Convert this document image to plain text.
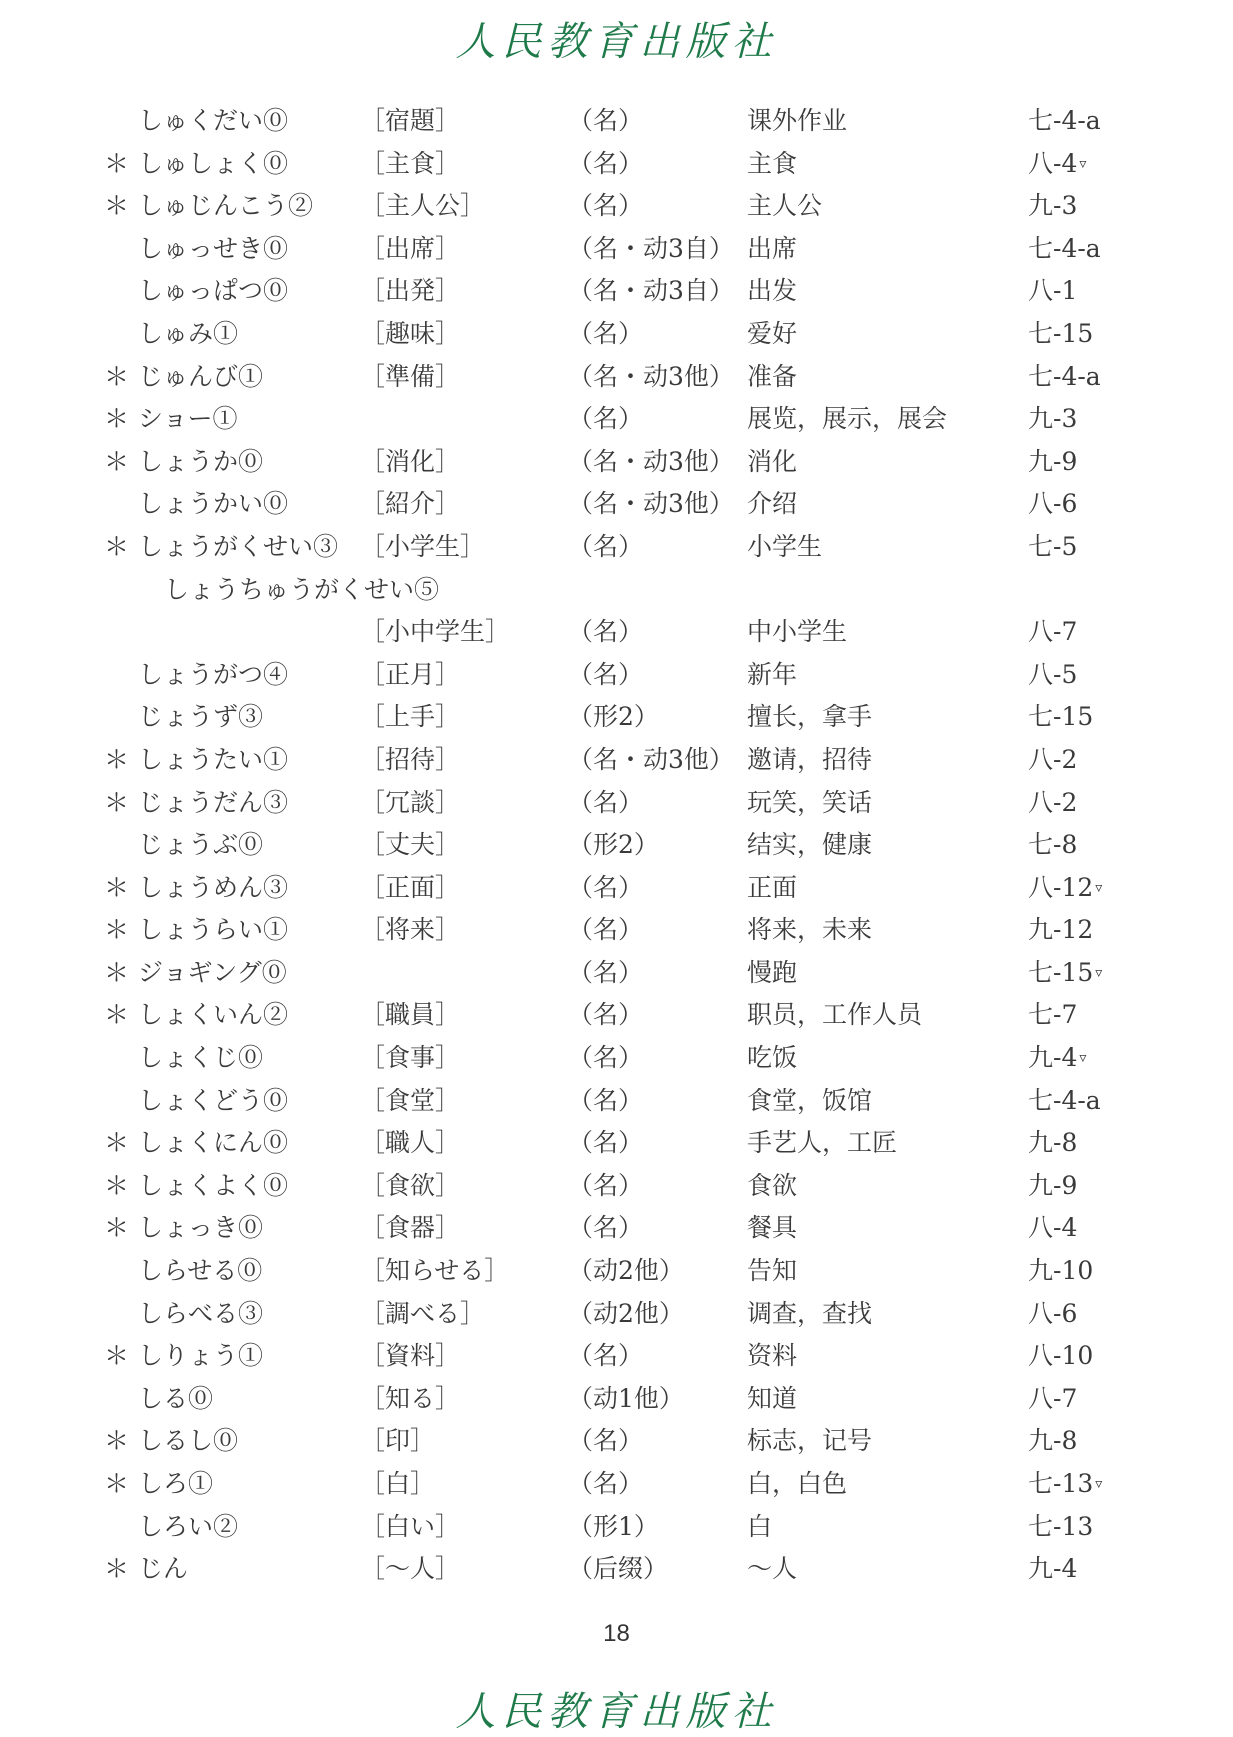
人民教育出版社
しゅくだい⓪	［宿題］	（名）	课外作业	七-4-a
＊ しゅしょく⓪	［主食］	（名）	主食	八-4 ▿
＊ しゅじんこう② ［主人公］	（名）	主人公	九-3
しゅっせき⓪	［出席］	（名・动3自） 出席	七-4-a
しゅっぱつ⓪	［出発］	（名・动3自） 出发	八-1
しゅみ①	［趣味］	（名）	爱好	七-15
＊ じゅんび①	［準備］	（名・动3他） 准备	七-4-a
＊ ショー①	（名）	展览，展示，展会	九-3
＊ しょうか⓪	［消化］	（名・动3他） 消化	九-9
しょうかい⓪	［紹介］	（名・动3他） 介绍	八-6
＊ しょうがくせい③ ［小学生］	（名）	小学生	七-5
しょうちゅうがくせい⑤
［小中学生］ （名）	中小学生	八-7
しょうがつ④	［正月］	（名）	新年	八-5
じょうず③	［上手］	（形2）	擅长，拿手	七-15
＊ しょうたい①	［招待］	（名・动3他） 邀请，招待	八-2
＊ じょうだん③	［冗談］	（名）	玩笑，笑话	八-2
じょうぶ⓪	［丈夫］	（形2）	结实，健康	七-8
＊ しょうめん③	［正面］	（名）	正面	八-12 ▿
＊ しょうらい①	［将来］	（名）	将来，未来	九-12
＊ ジョギング⓪	（名）	慢跑	七-15 ▿
＊ しょくいん②	［職員］	（名）	职员，工作人员	七-7
しょくじ⓪	［食事］	（名）	吃饭	九-4 ▿
しょくどう⓪	［食堂］	（名）	食堂，饭馆	七-4-a
＊ しょくにん⓪	［職人］	（名）	手艺人，工匠	九-8
＊ しょくよく⓪	［食欲］	（名）	食欲	九-9
＊ しょっき⓪	［食器］	（名）	餐具	八-4
しらせる⓪	［知らせる］ （动2他）	告知	九-10
しらべる③	［調べる］	（动2他）	调查，查找	八-6
＊ しりょう①	［資料］	（名）	资料	八-10
しる⓪	［知る］	（动1他）	知道	八-7
＊ しるし⓪	［印］	（名）	标志，记号	九-8
＊ しろ①	［白］	（名）	白，白色	七-13 ▿
しろい②	［白い］	（形1）	白	七-13
＊ じん	［～人］	（后缀）	～人	九-4
18
人民教育出版社
